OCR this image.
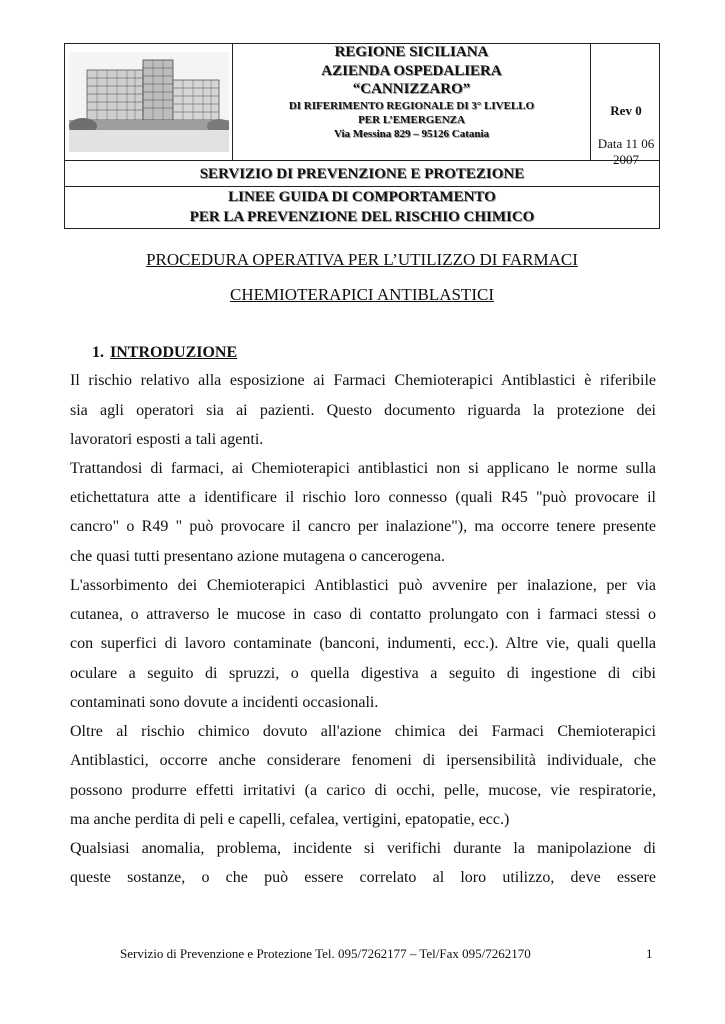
REGIONE SICILIANA
AZIENDA OSPEDALIERA
“CANNIZZARO”
DI RIFERIMENTO REGIONALE DI 3° LIVELLO
PER L’EMERGENZA
Via Messina 829 – 95126 Catania
Rev 0
Data 11 06 2007
SERVIZIO DI PREVENZIONE E PROTEZIONE
LINEE GUIDA DI COMPORTAMENTO
PER LA PREVENZIONE DEL RISCHIO CHIMICO
PROCEDURA OPERATIVA PER L’UTILIZZO DI FARMACI
CHEMIOTERAPICI ANTIBLASTICI
1. INTRODUZIONE
Il rischio relativo alla esposizione ai Farmaci Chemioterapici Antiblastici è riferibile
sia agli operatori sia ai pazienti. Questo documento riguarda la protezione dei
lavoratori esposti a tali agenti.
Trattandosi di farmaci, ai Chemioterapici antiblastici non si applicano le norme sulla
etichettatura atte a identificare il rischio loro connesso (quali R45 "può provocare il
cancro" o R49 " può provocare il cancro per inalazione"), ma occorre tenere presente
che quasi tutti presentano azione mutagena o cancerogena.
L'assorbimento dei Chemioterapici Antiblastici può avvenire per inalazione, per via
cutanea, o attraverso le mucose in caso di contatto prolungato con i farmaci stessi o
con superfici di lavoro contaminate (banconi, indumenti, ecc.). Altre vie, quali quella
oculare a seguito di spruzzi, o quella digestiva a seguito di ingestione di cibi
contaminati sono dovute a incidenti occasionali.
Oltre al rischio chimico dovuto all'azione chimica dei Farmaci Chemioterapici
Antiblastici, occorre anche considerare fenomeni di ipersensibilità individuale, che
possono produrre effetti irritativi (a carico di occhi, pelle, mucose, vie respiratorie,
ma anche perdita di peli e capelli, cefalea, vertigini, epatopatie, ecc.)
Qualsiasi anomalia, problema, incidente si verifichi durante la manipolazione di
queste sostanze, o che può essere correlato al loro utilizzo, deve essere
Servizio di Prevenzione e Protezione Tel. 095/7262177 – Tel/Fax 095/7262170	1
